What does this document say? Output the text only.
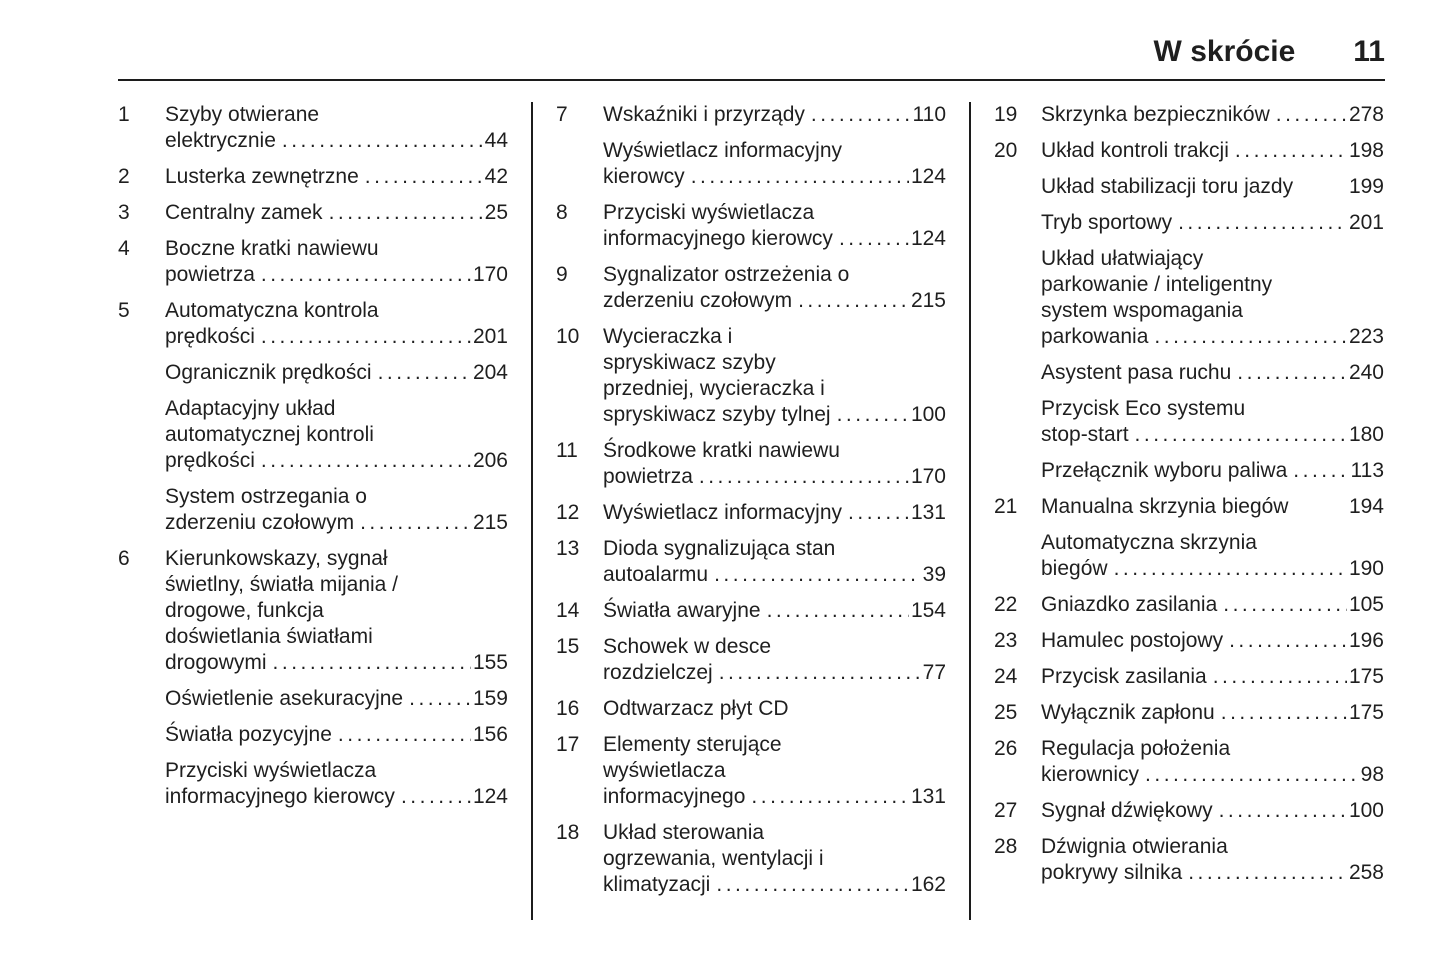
W skrócie 11
1	Szyby otwierane
elektrycznie .....	44
2	Lusterka zewnętrzne .....	42
3	Centralny zamek .....	25
4	Boczne kratki nawiewu
powietrza .....	170
5	Automatyczna kontrola
prędkości .....	201
Ogranicznik prędkości .....	204
Adaptacyjny układ
automatycznej kontroli
prędkości .....	206
System ostrzegania o
zderzeniu czołowym .....	215
6	Kierunkowskazy, sygnał
świetlny, światła mijania /
drogowe, funkcja
doświetlania światłami
drogowymi .....	155
Oświetlenie asekuracyjne .....	159
Światła pozycyjne .....	156
Przyciski wyświetlacza
informacyjnego kierowcy .....	124
7	Wskaźniki i przyrządy .....	110
Wyświetlacz informacyjny
kierowcy .....	124
8	Przyciski wyświetlacza
informacyjnego kierowcy .....	124
9	Sygnalizator ostrzeżenia o
zderzeniu czołowym .....	215
10	Wycieraczka i
spryskiwacz szyby
przedniej, wycieraczka i
spryskiwacz szyby tylnej .....	100
11	Środkowe kratki nawiewu
powietrza .....	170
12	Wyświetlacz informacyjny .....	131
13	Dioda sygnalizująca stan
autoalarmu .....	39
14	Światła awaryjne .....	154
15	Schowek w desce
rozdzielczej .....	77
16	Odtwarzacz płyt CD
17	Elementy sterujące
wyświetlacza
informacyjnego .....	131
18	Układ sterowania
ogrzewania, wentylacji i
klimatyzacji .....	162
19	Skrzynka bezpieczników .....	278
20	Układ kontroli trakcji .....	198
Układ stabilizacji toru jazdy	199
Tryb sportowy .....	201
Układ ułatwiający
parkowanie / inteligentny
system wspomagania
parkowania .....	223
Asystent pasa ruchu .....	240
Przycisk Eco systemu
stop-start .....	180
Przełącznik wyboru paliwa .....	113
21	Manualna skrzynia biegów	194
Automatyczna skrzynia
biegów .....	190
22	Gniazdko zasilania .....	105
23	Hamulec postojowy .....	196
24	Przycisk zasilania .....	175
25	Wyłącznik zapłonu .....	175
26	Regulacja położenia
kierownicy .....	98
27	Sygnał dźwiękowy .....	100
28	Dźwignia otwierania
pokrywy silnika .....	258
